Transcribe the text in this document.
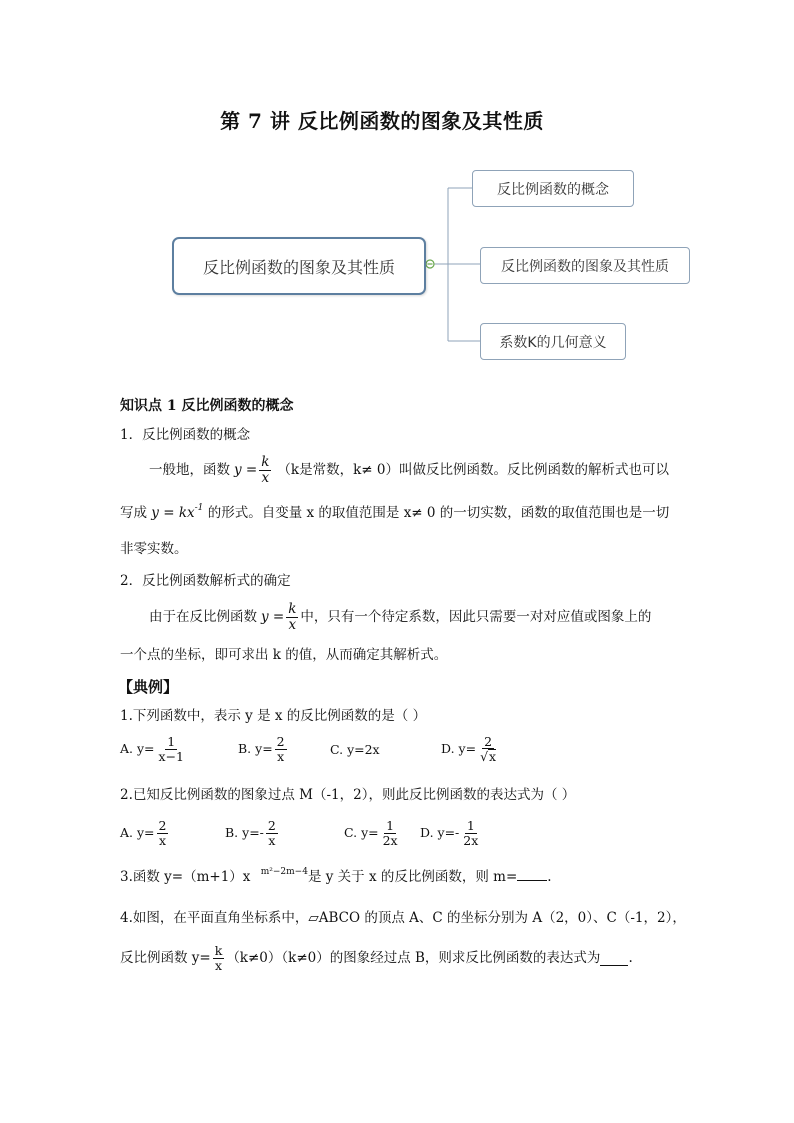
第 7 讲 反比例函数的图象及其性质
反比例函数的图象及其性质
反比例函数的概念
反比例函数的图象及其性质
系数K的几何意义
知识点 1 反比例函数的概念
1．反比例函数的概念
一般地，函数 $y = \frac{k}{x} (k$是常数，k≠ 0）叫做反比例函数。反比例函数的解析式也可以
写成 $y = kx^{-1}$ 的形式。自变量 x 的取值范围是 x≠ 0 的一切实数，函数的取值范围也是一切
非零实数。
2．反比例函数解析式的确定
由于在反比例函数 $y = \frac{k}{x}$ 中，只有一个待定系数，因此只需要一对对应值或图象上的
一个点的坐标，即可求出 k 的值，从而确定其解析式。
【典例】
1.下列函数中，表示 y 是 x 的反比例函数的是（ ）
A. $y= \frac{1}{x-1}$	B. $y= \frac{2}{x}$	C. y=2x	D. $y= \frac{2}{√x}$
2.已知反比例函数的图象过点 M（-1，2），则此反比例函数的表达式为（ ）
A. $y= \frac{2}{x}$	B. $y=- \frac{2}{x}$	C. $y= \frac{1}{2x} D$. $y=- \frac{1}{2x}$
3.函数 y=（m+1）x $^{m^2-2m-4}$是 y 关于 x 的反比例函数，则 m= .
4.如图，在平面直角坐标系中，▱ABCO 的顶点 A、C 的坐标分别为 A（2，0）、C（-1，2），
反比例函数 $y= \frac{k}{x} (k\ne 0)(k\ne 0)$的图象经过点 B，则求反比例函数的表达式为 .
